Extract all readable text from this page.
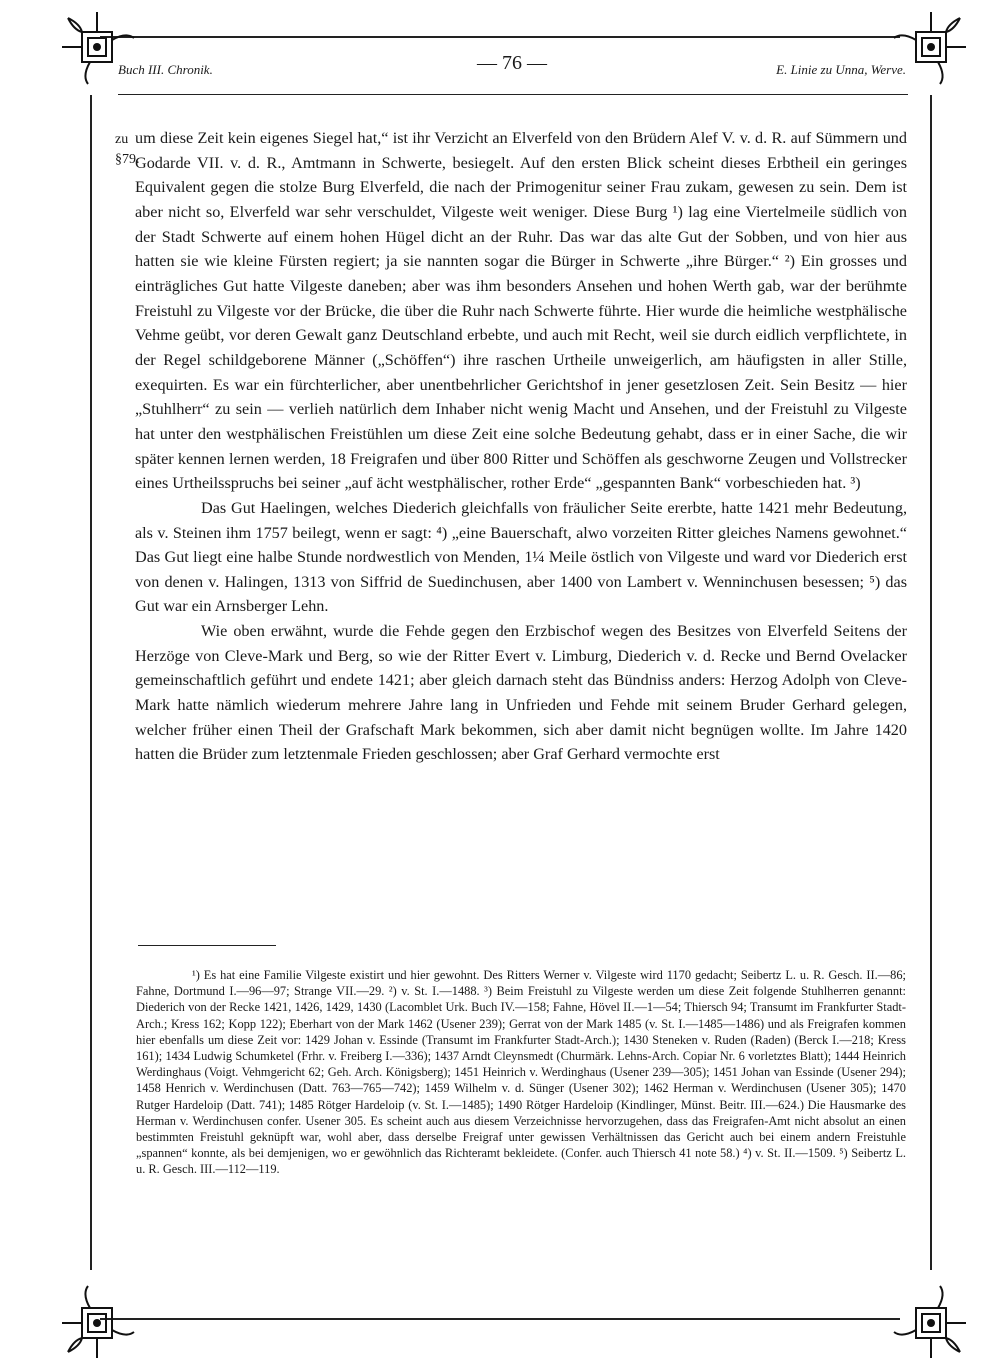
Buch III. Chronik.	— 76 —	E. Linie zu Unna, Werve.
zu §79.

um diese Zeit kein eigenes Siegel hat,“ ist ihr Verzicht an Elverfeld von den Brüdern Alef V. v. d. R. auf Sümmern und Godarde VII. v. d. R., Amtmann in Schwerte, besiegelt. Auf den ersten Blick scheint dieses Erbtheil ein geringes Equivalent gegen die stolze Burg Elverfeld, die nach der Primogenitur seiner Frau zukam, gewesen zu sein. Dem ist aber nicht so, Elverfeld war sehr verschuldet, Vilgeste weit weniger. Diese Burg ¹) lag eine Viertelmeile südlich von der Stadt Schwerte auf einem hohen Hügel dicht an der Ruhr. Das war das alte Gut der Sobben, und von hier aus hatten sie wie kleine Fürsten regiert; ja sie nannten sogar die Bürger in Schwerte „ihre Bürger.“ ²) Ein grosses und einträgliches Gut hatte Vilgeste daneben; aber was ihm besonders Ansehen und hohen Werth gab, war der berühmte Freistuhl zu Vilgeste vor der Brücke, die über die Ruhr nach Schwerte führte. Hier wurde die heimliche westphälische Vehme geübt, vor deren Gewalt ganz Deutschland erbebte, und auch mit Recht, weil sie durch eidlich verpflichtete, in der Regel schildgeborene Männer („Schöffen“) ihre raschen Urtheile unweigerlich, am häufigsten in aller Stille, exequirten. Es war ein fürchterlicher, aber unentbehrlicher Gerichtshof in jener gesetzlosen Zeit. Sein Besitz — hier „Stuhlherr“ zu sein — verlieh natürlich dem Inhaber nicht wenig Macht und Ansehen, und der Freistuhl zu Vilgeste hat unter den westphälischen Freistühlen um diese Zeit eine solche Bedeutung gehabt, dass er in einer Sache, die wir später kennen lernen werden, 18 Freigrafen und über 800 Ritter und Schöffen als geschworne Zeugen und Vollstrecker eines Urtheilsspruchs bei seiner „auf ächt westphälischer, rother Erde“ „gespannten Bank“ vorbeschieden hat. ³)

Das Gut Haelingen, welches Diederich gleichfalls von fräulicher Seite ererbte, hatte 1421 mehr Bedeutung, als v. Steinen ihm 1757 beilegt, wenn er sagt: ⁴) „eine Bauerschaft, alwo vorzeiten Ritter gleiches Namens gewohnet.“ Das Gut liegt eine halbe Stunde nordwestlich von Menden, 1¼ Meile östlich von Vilgeste und ward vor Diederich erst von denen v. Halingen, 1313 von Siffrid de Suedinchusen, aber 1400 von Lambert v. Wenninchusen besessen; ⁵) das Gut war ein Arnsberger Lehn.

Wie oben erwähnt, wurde die Fehde gegen den Erzbischof wegen des Besitzes von Elverfeld Seitens der Herzöge von Cleve-Mark und Berg, so wie der Ritter Evert v. Limburg, Diederich v. d. Recke und Bernd Ovelacker gemeinschaftlich geführt und endete 1421; aber gleich darnach steht das Bündniss anders: Herzog Adolph von Cleve-Mark hatte nämlich wiederum mehrere Jahre lang in Unfrieden und Fehde mit seinem Bruder Gerhard gelegen, welcher früher einen Theil der Grafschaft Mark bekommen, sich aber damit nicht begnügen wollte. Im Jahre 1420 hatten die Brüder zum letztenmale Frieden geschlossen; aber Graf Gerhard vermochte erst

¹) Es hat eine Familie Vilgeste existirt und hier gewohnt. Des Ritters Werner v. Vilgeste wird 1170 gedacht; Seibertz L. u. R. Gesch. II.—86; Fahne, Dortmund I.—96—97; Strange VII.—29. ²) v. St. I.—1488. ³) Beim Freistuhl zu Vilgeste werden um diese Zeit folgende Stuhlherren genannt: Diederich von der Recke 1421, 1426, 1429, 1430 (Lacomblet Urk. Buch IV.—158; Fahne, Hövel II.—1—54; Thiersch 94; Transumt im Frankfurter Stadt-Arch.; Kress 162; Kopp 122); Eberhart von der Mark 1462 (Usener 239); Gerrat von der Mark 1485 (v. St. I.—1485—1486) und als Freigrafen kommen hier ebenfalls um diese Zeit vor: 1429 Johan v. Essinde (Transumt im Frankfurter Stadt-Arch.); 1430 Steneken v. Ruden (Raden) (Berck I.—218; Kress 161); 1434 Ludwig Schumketel (Frhr. v. Freiberg I.—336); 1437 Arndt Cleynsmedt (Churmärk. Lehns-Arch. Copiar Nr. 6 vorletztes Blatt); 1444 Heinrich Werdinghaus (Voigt. Vehmgericht 62; Geh. Arch. Königsberg); 1451 Heinrich v. Werdinghaus (Usener 239—305); 1451 Johan van Essinde (Usener 294); 1458 Henrich v. Werdinchusen (Datt. 763—765—742); 1459 Wilhelm v. d. Sünger (Usener 302); 1462 Herman v. Werdinchusen (Usener 305); 1470 Rutger Hardeloip (Datt. 741); 1485 Rötger Hardeloip (v. St. I.—1485); 1490 Rötger Hardeloip (Kindlinger, Münst. Beitr. III.—624.) Die Hausmarke des Herman v. Werdinchusen confer. Usener 305. Es scheint auch aus diesem Verzeichnisse hervorzugehen, dass das Freigrafen-Amt nicht absolut an einen bestimmten Freistuhl geknüpft war, wohl aber, dass derselbe Freigraf unter gewissen Verhältnissen das Gericht auch bei einem andern Freistuhle „spannen“ konnte, als bei demjenigen, wo er gewöhnlich das Richteramt bekleidete. (Confer. auch Thiersch 41 note 58.) ⁴) v. St. II.—1509. ⁵) Seibertz L. u. R. Gesch. III.—112—119.
